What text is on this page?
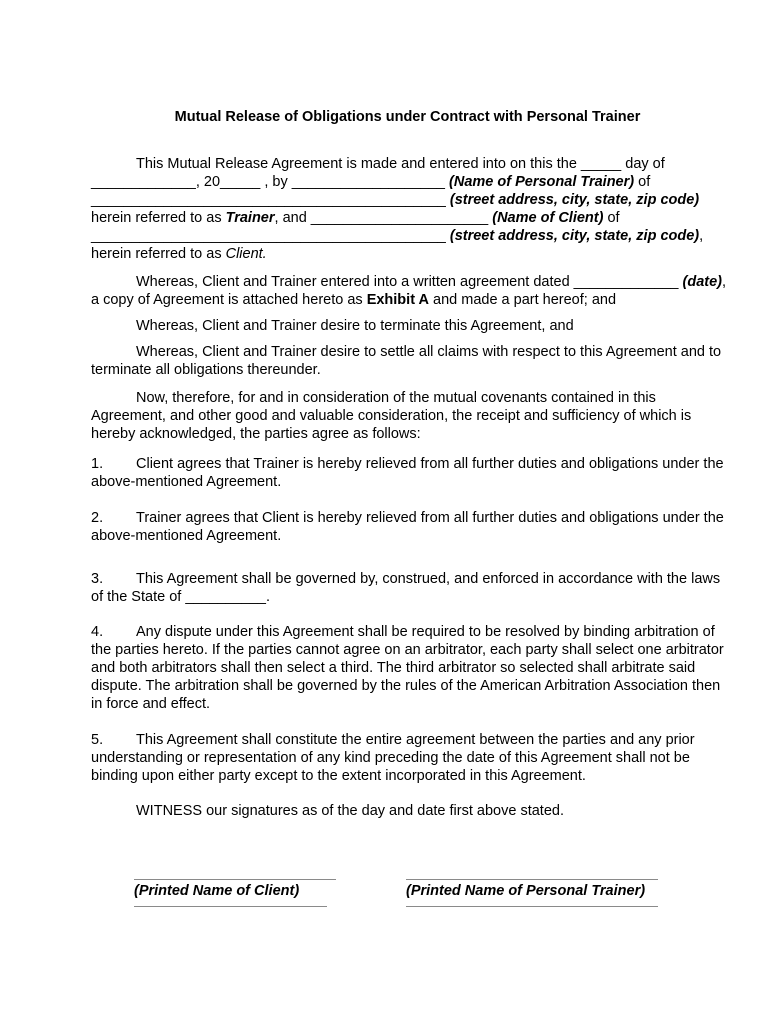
Mutual Release of Obligations under Contract with Personal Trainer

This Mutual Release Agreement is made and entered into on this the _____ day of _____________, 20_____ , by ___________________ (Name of Personal Trainer) of ____________________________________________ (street address, city, state, zip code) herein referred to as Trainer, and ______________________ (Name of Client) of ____________________________________________ (street address, city, state, zip code), herein referred to as Client.

Whereas, Client and Trainer entered into a written agreement dated _____________ (date), a copy of Agreement is attached hereto as Exhibit A and made a part hereof; and

Whereas, Client and Trainer desire to terminate this Agreement, and

Whereas, Client and Trainer desire to settle all claims with respect to this Agreement and to terminate all obligations thereunder.

Now, therefore, for and in consideration of the mutual covenants contained in this Agreement, and other good and valuable consideration, the receipt and sufficiency of which is hereby acknowledged, the parties agree as follows:

1. Client agrees that Trainer is hereby relieved from all further duties and obligations under the above-mentioned Agreement.

2. Trainer agrees that Client is hereby relieved from all further duties and obligations under the above-mentioned Agreement.

3. This Agreement shall be governed by, construed, and enforced in accordance with the laws of the State of __________.

4. Any dispute under this Agreement shall be required to be resolved by binding arbitration of the parties hereto. If the parties cannot agree on an arbitrator, each party shall select one arbitrator and both arbitrators shall then select a third. The third arbitrator so selected shall arbitrate said dispute. The arbitration shall be governed by the rules of the American Arbitration Association then in force and effect.

5. This Agreement shall constitute the entire agreement between the parties and any prior understanding or representation of any kind preceding the date of this Agreement shall not be binding upon either party except to the extent incorporated in this Agreement.

WITNESS our signatures as of the day and date first above stated.

(Printed Name of Client)	(Printed Name of Personal Trainer)
